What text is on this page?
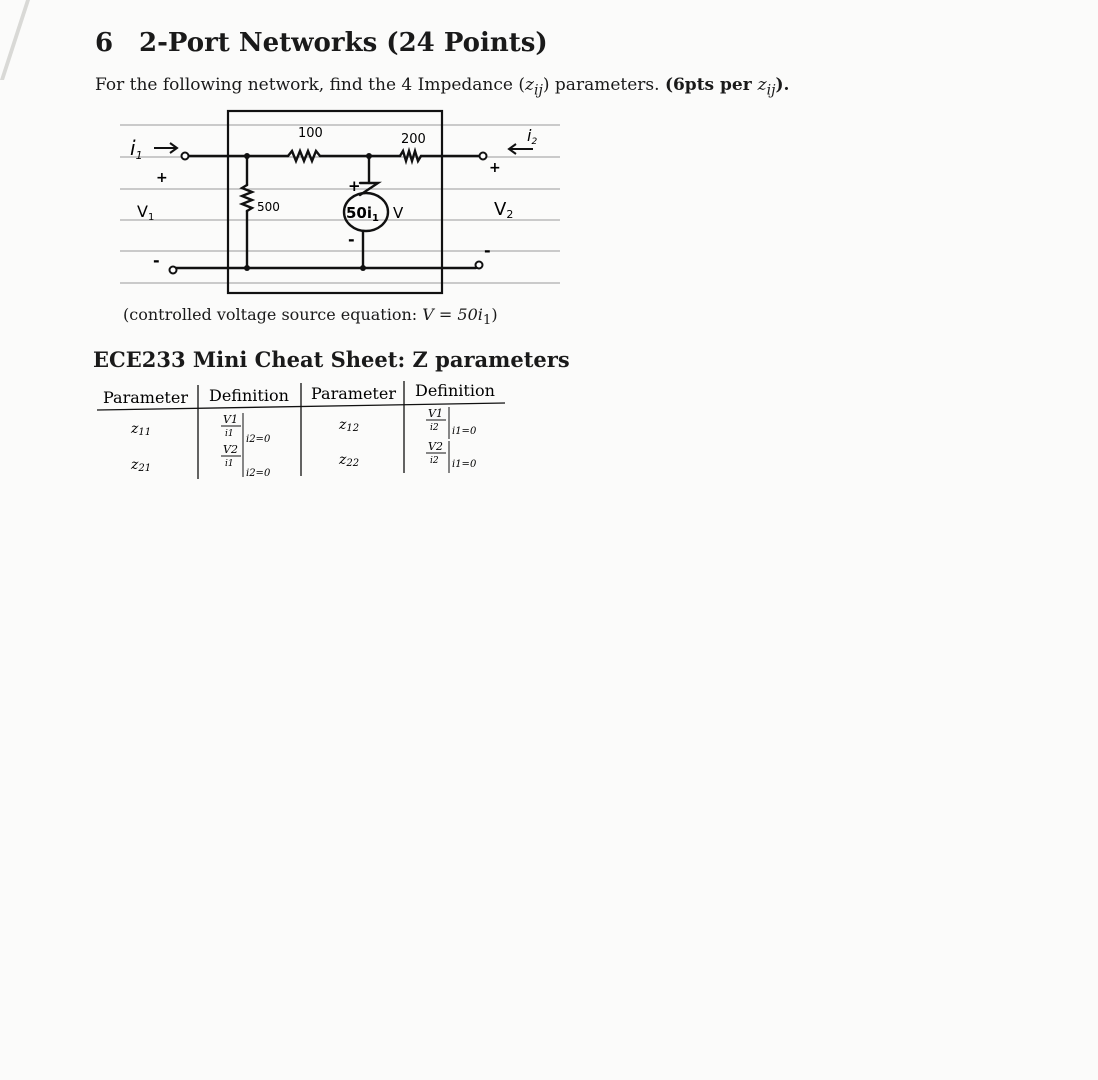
6 2-Port Networks (24 Points)
For the following network, find the 4 Impedance $(z_{ij})$ parameters. (6pts per $z_{ij}$).
$50i_1$ V
+
-
100	200
500
$i_1$
+
V1
-
i2
+
V2
-
(controlled voltage source equation: $V = 50i_1$)
ECE233 Mini Cheat Sheet: Z parameters
Parameter Definition Parameter Definition
z11
V1
i1 i2=0
z12
V1
i2 i1=0
z21
V2
i1
i2=0
z22
V2
i2 i1=0
